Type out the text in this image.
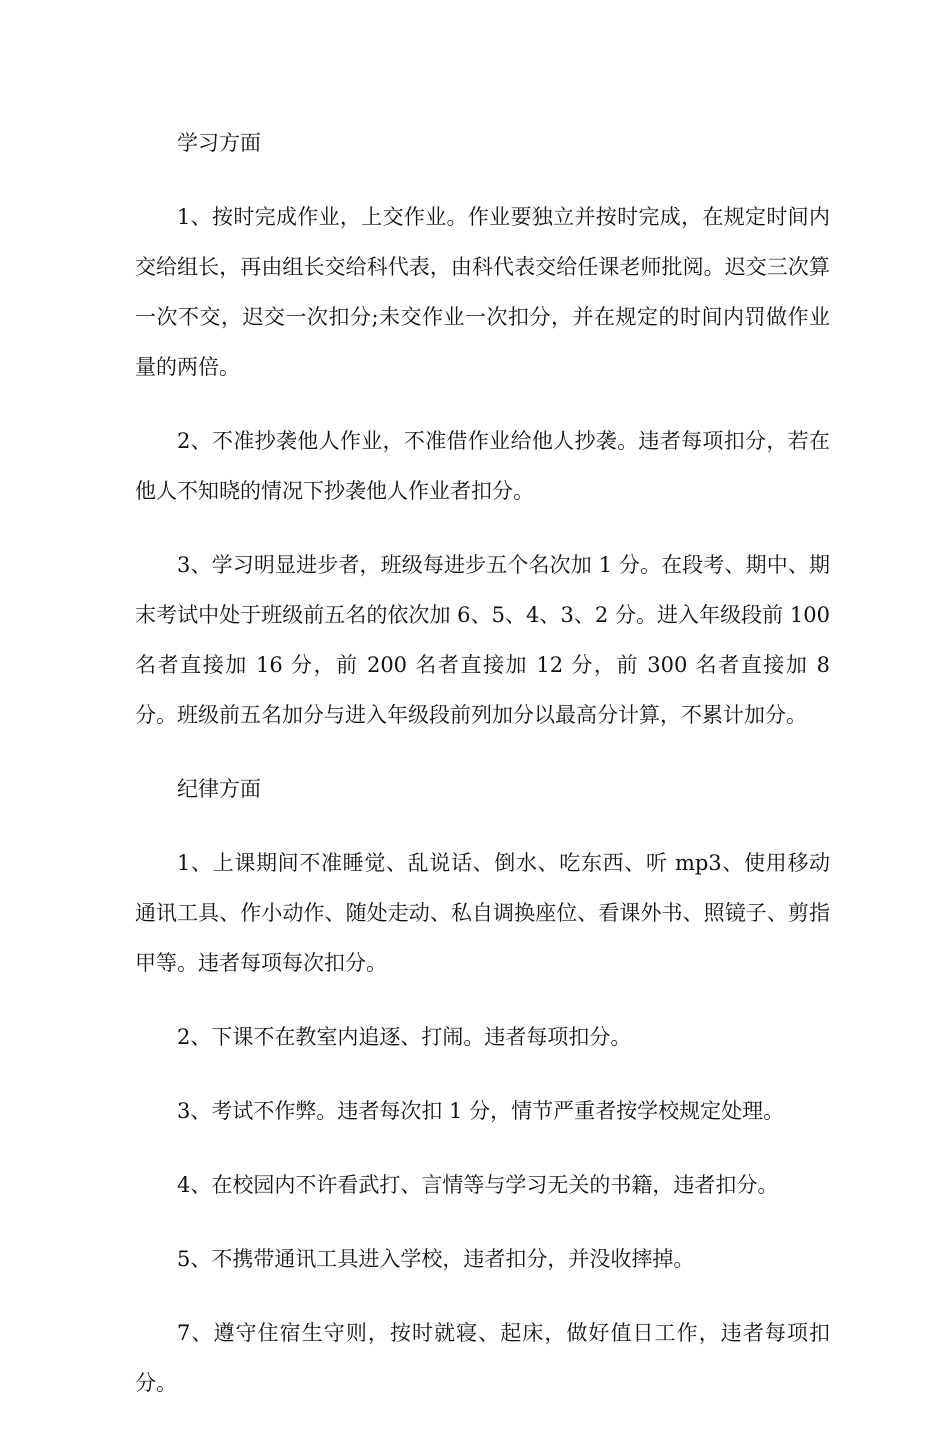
学习方面

1、按时完成作业，上交作业。作业要独立并按时完成，在规定时间内交给组长，再由组长交给科代表，由科代表交给任课老师批阅。迟交三次算一次不交，迟交一次扣分;未交作业一次扣分，并在规定的时间内罚做作业量的两倍。

2、不准抄袭他人作业，不准借作业给他人抄袭。违者每项扣分，若在他人不知晓的情况下抄袭他人作业者扣分。

3、学习明显进步者，班级每进步五个名次加 1 分。在段考、期中、期末考试中处于班级前五名的依次加 6、5、4、3、2 分。进入年级段前 100 名者直接加 16 分，前 200 名者直接加 12 分，前 300 名者直接加 8 分。班级前五名加分与进入年级段前列加分以最高分计算，不累计加分。

纪律方面

1、上课期间不准睡觉、乱说话、倒水、吃东西、听 mp3、使用移动通讯工具、作小动作、随处走动、私自调换座位、看课外书、照镜子、剪指甲等。违者每项每次扣分。

2、下课不在教室内追逐、打闹。违者每项扣分。

3、考试不作弊。违者每次扣 1 分，情节严重者按学校规定处理。

4、在校园内不许看武打、言情等与学习无关的书籍，违者扣分。

5、不携带通讯工具进入学校，违者扣分，并没收摔掉。

7、遵守住宿生守则，按时就寝、起床，做好值日工作，违者每项扣分。
